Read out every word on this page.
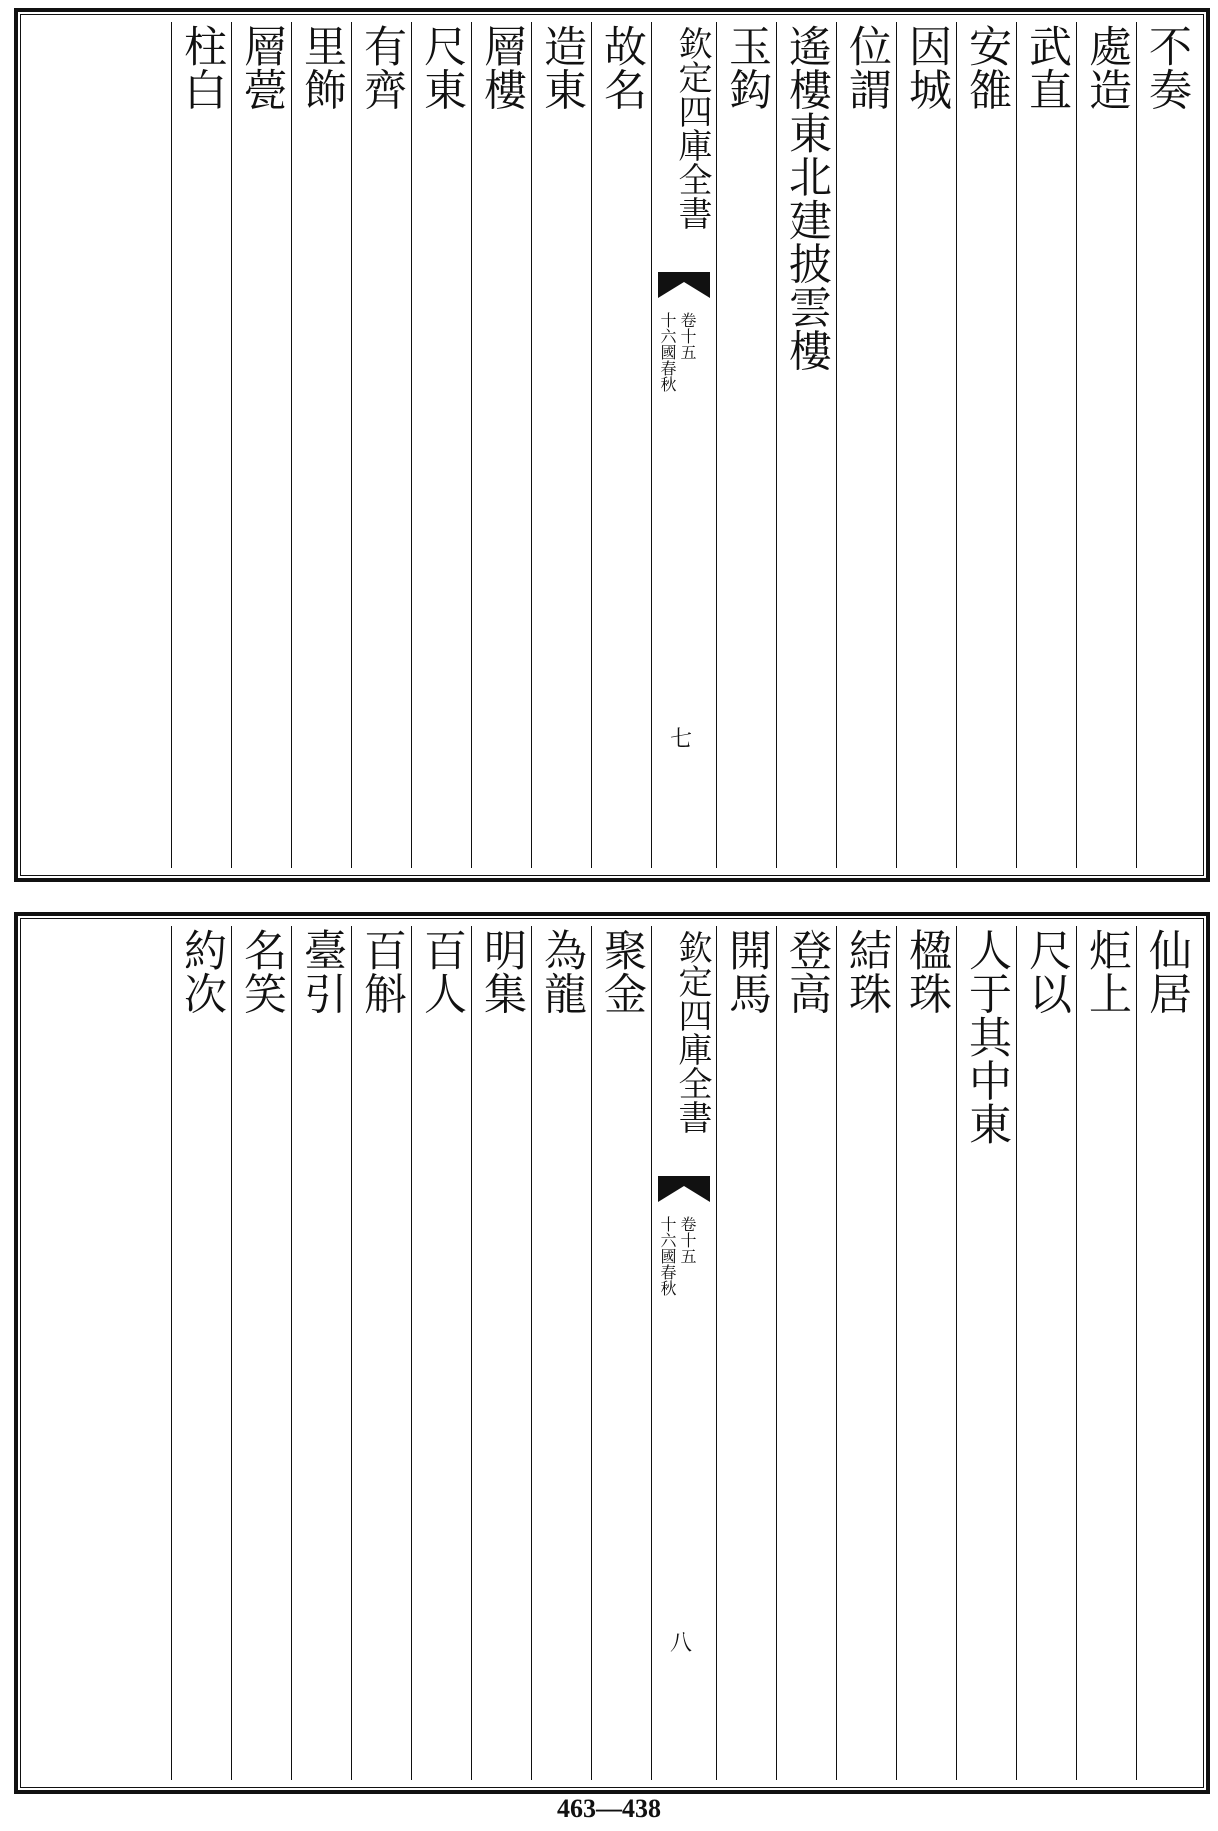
不奏
處造
武直
安雒
因城
位謂
遙樓東北建披雲樓
玉鈎
欽定四庫全書
十六國春秋 卷十五
七
故名
造東
層樓
尺東
有齊
里飾
層甍
柱白
仙居
炬上
尺以
人于其中東
楹珠
結珠
登高
開馬
欽定四庫全書
十六國春秋 卷十五
八
聚金
為龍
明集
百人
百斛
臺引
名笑
約次
463—438
